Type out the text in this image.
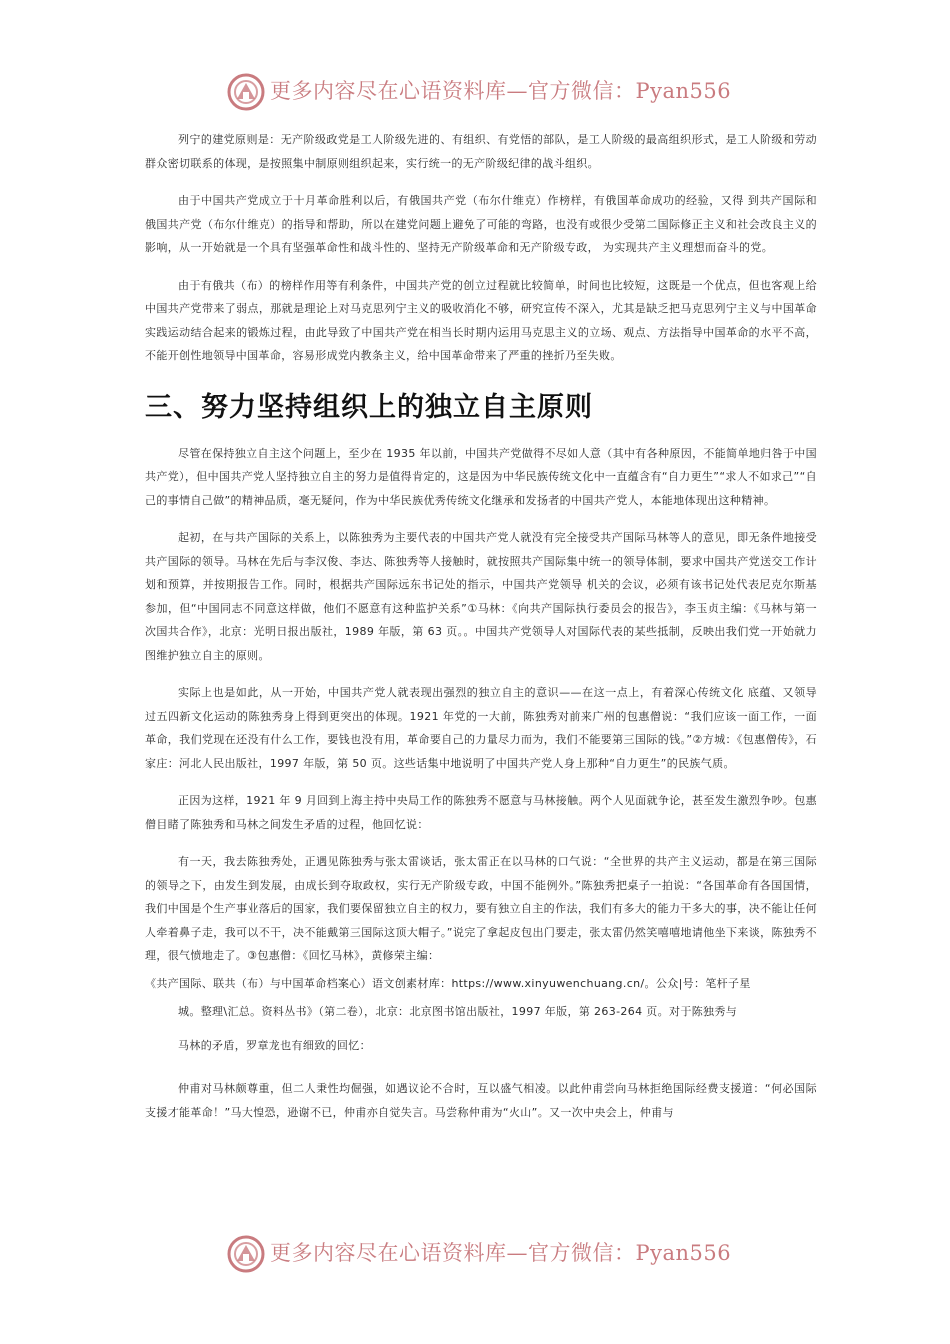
更多内容尽在心语资料库—官方微信：Pyan556

列宁的建党原则是：无产阶级政党是工人阶级先进的、有组织、有党悟的部队，是工人阶级的最高组织形式，是工人阶级和劳动群众密切联系的体现，是按照集中制原则组织起来，实行统一的无产阶级纪律的战斗组织。

由于中国共产党成立于十月革命胜利以后，有俄国共产党（布尔什维克）作榜样，有俄国革命成功的经验，又得 到共产国际和俄国共产党（布尔什维克）的指导和帮助，所以在建党问题上避免了可能的弯路，也没有或很少受第二国际修正主义和社会改良主义的影响，从一开始就是一个具有坚强革命性和战斗性的、坚持无产阶级革命和无产阶级专政， 为实现共产主义理想而奋斗的党。

由于有俄共（布）的榜样作用等有利条件，中国共产党的创立过程就比较简单，时间也比较短，这既是一个优点，但也客观上给中国共产党带来了弱点，那就是理论上对马克思列宁主义的吸收消化不够，研究宣传不深入，尤其是缺乏把马克思列宁主义与中国革命实践运动结合起来的锻炼过程，由此导致了中国共产党在相当长时期内运用马克思主义的立场、观点、方法指导中国革命的水平不高，不能开创性地领导中国革命，容易形成党内教条主义，给中国革命带来了严重的挫折乃至失败。

三、努力坚持组织上的独立自主原则

尽管在保持独立自主这个问题上，至少在 1935 年以前，中国共产党做得不尽如人意（其中有各种原因，不能简单地归咎于中国共产党），但中国共产党人坚持独立自主的努力是值得肯定的，这是因为中华民族传统文化中一直蕴含有“自力更生”“求人不如求己”“自己的事情自己做”的精神品质，毫无疑问，作为中华民族优秀传统文化继承和发扬者的中国共产党人，本能地体现出这种精神。

起初，在与共产国际的关系上，以陈独秀为主要代表的中国共产党人就没有完全接受共产国际马林等人的意见，即无条件地接受共产国际的领导。马林在先后与李汉俊、李达、陈独秀等人接触时，就按照共产国际集中统一的领导体制，要求中国共产党送交工作计划和预算，并按期报告工作。同时，根据共产国际远东书记处的指示，中国共产党领导 机关的会议，必须有该书记处代表尼克尔斯基参加，但“中国同志不同意这样做，他们不愿意有这种监护关系”①马林：《向共产国际执行委员会的报告》，李玉贞主编：《马林与第一次国共合作》，北京：光明日报出版社，1989 年版，第 63 页。。中国共产党领导人对国际代表的某些抵制，反映出我们党一开始就力图维护独立自主的原则。

实际上也是如此，从一开始，中国共产党人就表现出强烈的独立自主的意识——在这一点上，有着深心传统文化 底蕴、又领导过五四新文化运动的陈独秀身上得到更突出的体现。1921 年党的一大前，陈独秀对前来广州的包惠僧说：“我们应该一面工作，一面革命，我们党现在还没有什么工作，要钱也没有用，革命要自己的力量尽力而为，我们不能要第三国际的钱。”②方城：《包惠僧传》，石家庄：河北人民出版社，1997 年版，第 50 页。这些话集中地说明了中国共产党人身上那种“自力更生”的民族气质。

正因为这样，1921 年 9 月回到上海主持中央局工作的陈独秀不愿意与马林接触。两个人见面就争论，甚至发生激烈争吵。包惠僧目睹了陈独秀和马林之间发生矛盾的过程，他回忆说：

有一天，我去陈独秀处，正遇见陈独秀与张太雷谈话，张太雷正在以马林的口气说：“全世界的共产主义运动，都是在第三国际的领导之下，由发生到发展，由成长到夺取政权，实行无产阶级专政，中国不能例外。”陈独秀把桌子一拍说：“各国革命有各国国情，我们中国是个生产事业落后的国家，我们要保留独立自主的权力，要有独立自主的作法，我们有多大的能力干多大的事，决不能让任何人牵着鼻子走，我可以不干，决不能戴第三国际这顶大帽子。”说完了拿起皮包出门要走，张太雷仍然笑嘻嘻地请他坐下来谈，陈独秀不理，很气愤地走了。③包惠僧：《回忆马林》，黄修荣主编：

《共产国际、联共（布）与中国革命档案心）语文创素材库：https://www.xinyuwenchuang.cn/。公众|号：笔杆子星

城。整理\汇总。资料丛书》（第二卷），北京：北京图书馆出版社，1997 年版，第 263-264 页。对于陈独秀与

马林的矛盾，罗章龙也有细致的回忆：

仲甫对马林颇尊重，但二人秉性均倔强，如遇议论不合时，互以盛气相凌。以此仲甫尝向马林拒绝国际经费支援道：“何必国际支援才能革命！”马大惶恐，逊谢不已，仲甫亦自觉失言。马尝称仲甫为“火山”。又一次中央会上，仲甫与

更多内容尽在心语资料库—官方微信：Pyan556
